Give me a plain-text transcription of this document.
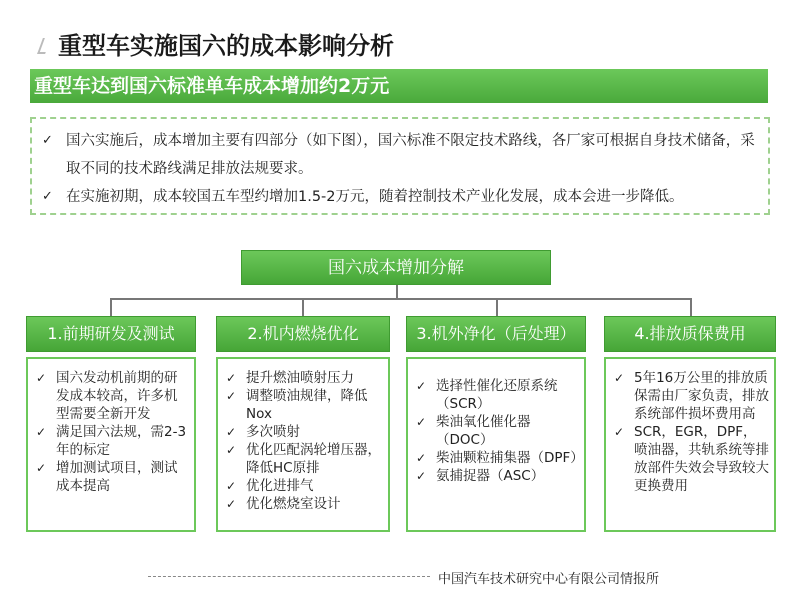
重型车实施国六的成本影响分析
重型车达到国六标准单车成本增加约2万元
✓ 国六实施后，成本增加主要有四部分（如下图），国六标准不限定技术路线，各厂家可根据自身技术储备，采取不同的技术路线满足排放法规要求。
✓ 在实施初期，成本较国五车型约增加1.5-2万元，随着控制技术产业化发展，成本会进一步降低。
国六成本增加分解
1.前期研发及测试	2.机内燃烧优化	3.机外净化（后处理）	4.排放质保费用
✓ 国六发动机前期的研发成本较高，许多机型需要全新开发
✓ 满足国六法规，需2-3年的标定
✓ 增加测试项目，测试成本提高
✓ 提升燃油喷射压力
✓ 调整喷油规律，降低Nox
✓ 多次喷射
✓ 优化匹配涡轮增压器，降低HC原排
✓ 优化进排气
✓ 优化燃烧室设计
✓ 选择性催化还原系统（SCR）
✓ 柴油氧化催化器（DOC）
✓ 柴油颗粒捕集器（DPF）
✓ 氨捕捉器（ASC）
✓ 5年16万公里的排放质保需由厂家负责，排放系统部件损坏费用高
✓ SCR，EGR，DPF，喷油器，共轨系统等排放部件失效会导致较大更换费用
中国汽车技术研究中心有限公司情报所
